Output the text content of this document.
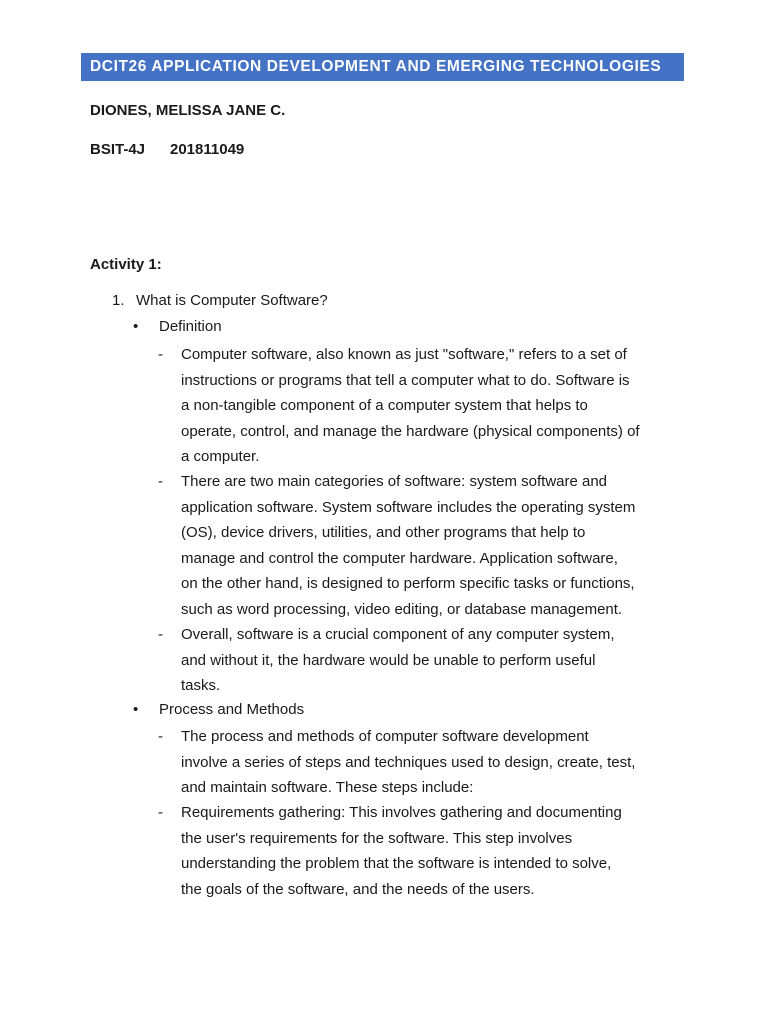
DCIT26 APPLICATION DEVELOPMENT AND EMERGING TECHNOLOGIES
DIONES, MELISSA JANE C.
BSIT-4J 201811049
Activity 1:
1. What is Computer Software?
• Definition
- Computer software, also known as just "software," refers to a set of
instructions or programs that tell a computer what to do. Software is
a non-tangible component of a computer system that helps to
operate, control, and manage the hardware (physical components) of
a computer.
- There are two main categories of software: system software and
application software. System software includes the operating system
(OS), device drivers, utilities, and other programs that help to
manage and control the computer hardware. Application software,
on the other hand, is designed to perform specific tasks or functions,
such as word processing, video editing, or database management.
- Overall, software is a crucial component of any computer system,
and without it, the hardware would be unable to perform useful
tasks.
• Process and Methods
- The process and methods of computer software development
involve a series of steps and techniques used to design, create, test,
and maintain software. These steps include:
- Requirements gathering: This involves gathering and documenting
the user's requirements for the software. This step involves
understanding the problem that the software is intended to solve,
the goals of the software, and the needs of the users.
